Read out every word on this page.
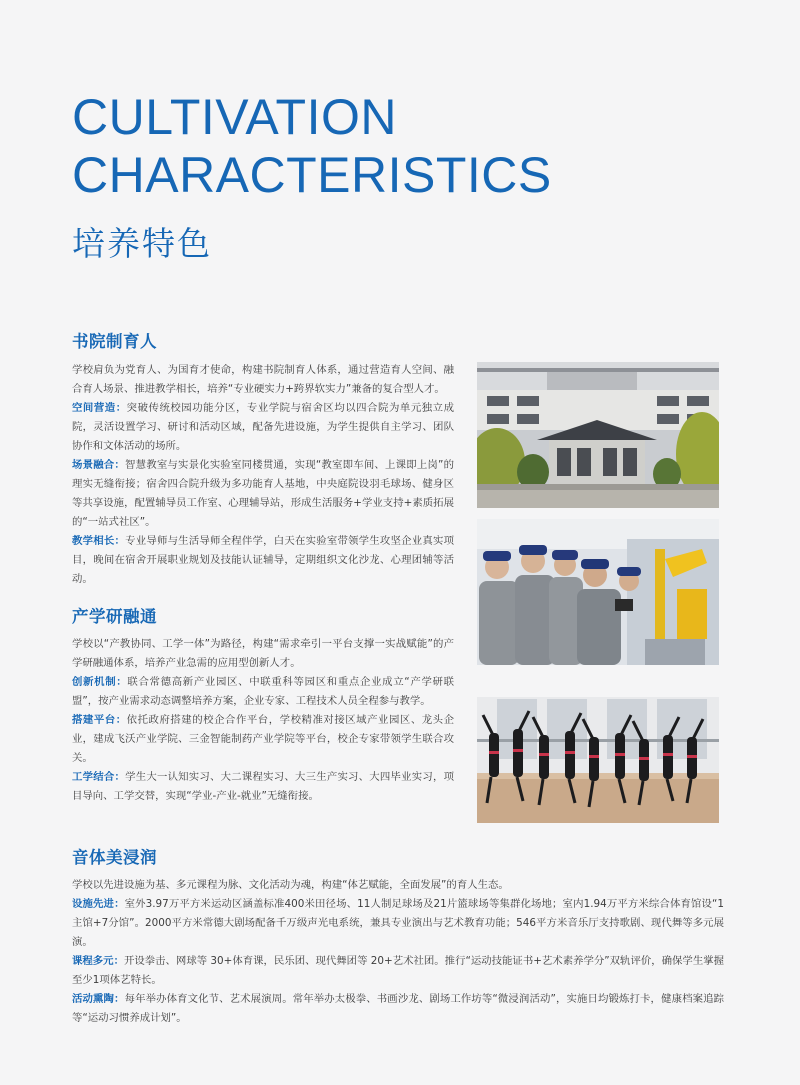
CULTIVATION
CHARACTERISTICS
培养特色
书院制育人

学校肩负为党育人、为国育才使命，构建书院制育人体系，通过营造育人空间、融合育人场景、推进教学相长，培养“专业硬实力+跨界软实力”兼备的复合型人才。

空间营造：突破传统校园功能分区，专业学院与宿舍区均以四合院为单元独立成院，灵活设置学习、研讨和活动区域，配备先进设施，为学生提供自主学习、团队协作和文体活动的场所。

场景融合：智慧教室与实景化实验室同楼贯通，实现“教室即车间、上课即上岗”的理实无缝衔接；宿舍四合院升级为多功能育人基地，中央庭院设羽毛球场、健身区等共享设施，配置辅导员工作室、心理辅导站，形成生活服务+学业支持+素质拓展的“一站式社区”。

教学相长：专业导师与生活导师全程伴学，白天在实验室带领学生攻坚企业真实项目，晚间在宿舍开展职业规划及技能认证辅导，定期组织文化沙龙、心理团辅等活动。

产学研融通

学校以“产教协同、工学一体”为路径，构建“需求牵引一平台支撑一实战赋能”的产学研融通体系，培养产业急需的应用型创新人才。

创新机制：联合常德高新产业园区、中联重科等园区和重点企业成立“产学研联盟”，按产业需求动态调整培养方案，企业专家、工程技术人员全程参与教学。

搭建平台：依托政府搭建的校企合作平台，学校精准对接区域产业园区、龙头企业，建成飞沃产业学院、三金智能制药产业学院等平台，校企专家带领学生联合攻关。

工学结合：学生大一认知实习、大二课程实习、大三生产实习、大四毕业实习，项目导向、工学交替，实现“学业-产业-就业”无缝衔接。

音体美浸润

学校以先进设施为基、多元课程为脉、文化活动为魂，构建“体艺赋能，全面发展”的育人生态。

设施先进：室外3.97万平方米运动区涵盖标准400米田径场、11人制足球场及21片篮球场等集群化场地；室内1.94万平方米综合体育馆设“1主馆+7分馆”。2000平方米常德大剧场配备千万级声光电系统，兼具专业演出与艺术教育功能；546平方米音乐厅支持歌剧、现代舞等多元展演。

课程多元：开设拳击、网球等 30+体育课，民乐团、现代舞团等 20+艺术社团。推行“运动技能证书+艺术素养学分”双轨评价，确保学生掌握至少1项体艺特长。

活动熏陶：每年举办体育文化节、艺术展演周。常年举办太极拳、书画沙龙、剧场工作坊等“微浸润活动”，实施日均锻炼打卡，健康档案追踪等“运动习惯养成计划”。
